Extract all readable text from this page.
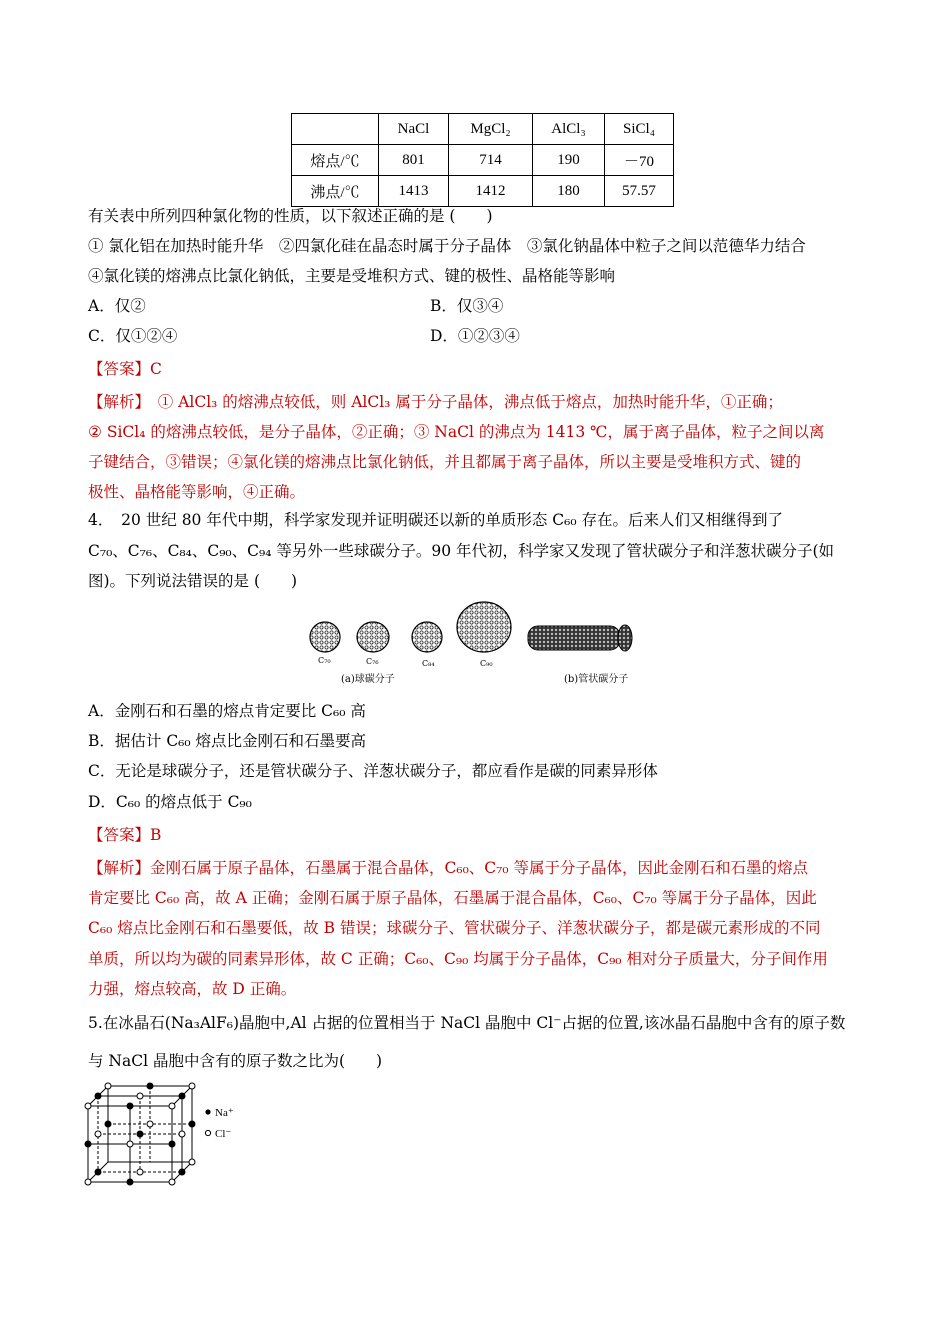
	NaCl	MgCl₂	AlCl₃	SiCl₄
熔点/℃	801	714	190	－70
沸点/℃	1413	1412	180	57.57
有关表中所列四种氯化物的性质，以下叙述正确的是 (　　)
① 氯化铝在加热时能升华　②四氯化硅在晶态时属于分子晶体　③氯化钠晶体中粒子之间以范德华力结合
④氯化镁的熔沸点比氯化钠低，主要是受堆积方式、键的极性、晶格能等影响
A．仅②	B．仅③④
C．仅①②④	D．①②③④
【答案】C
【解析】　① AlCl₃ 的熔沸点较低，则 AlCl₃ 属于分子晶体，沸点低于熔点，加热时能升华，①正确；
② SiCl₄ 的熔沸点较低，是分子晶体，②正确；③ NaCl 的沸点为 1413 ℃，属于离子晶体，粒子之间以离
子键结合，③错误；④氯化镁的熔沸点比氯化钠低，并且都属于离子晶体，所以主要是受堆积方式、键的
极性、晶格能等影响，④正确。
4．　20 世纪 80 年代中期，科学家发现并证明碳还以新的单质形态 C₆₀ 存在。后来人们又相继得到了
C₇₀、C₇₆、C₈₄、C₉₀、C₉₄ 等另外一些球碳分子。90 年代初，科学家又发现了管状碳分子和洋葱状碳分子(如
图)。下列说法错误的是 (　　)
C₇₀	C₇₆	C₈₄	C₉₀
(a)球碳分子	(b)管状碳分子
A．金刚石和石墨的熔点肯定要比 C₆₀ 高
B．据估计 C₆₀ 熔点比金刚石和石墨要高
C．无论是球碳分子，还是管状碳分子、洋葱状碳分子，都应看作是碳的同素异形体
D．C₆₀ 的熔点低于 C₉₀
【答案】B
【解析】金刚石属于原子晶体，石墨属于混合晶体，C₆₀、C₇₀ 等属于分子晶体，因此金刚石和石墨的熔点
肯定要比 C₆₀ 高，故 A 正确；金刚石属于原子晶体，石墨属于混合晶体，C₆₀、C₇₀ 等属于分子晶体，因此
C₆₀ 熔点比金刚石和石墨要低，故 B 错误；球碳分子、管状碳分子、洋葱状碳分子，都是碳元素形成的不同
单质，所以均为碳的同素异形体，故 C 正确；C₆₀、C₉₀ 均属于分子晶体，C₉₀ 相对分子质量大，分子间作用
力强，熔点较高，故 D 正确。
5.在冰晶石(Na₃AlF₆)晶胞中,Al 占据的位置相当于 NaCl 晶胞中 Cl⁻占据的位置,该冰晶石晶胞中含有的原子数
与 NaCl 晶胞中含有的原子数之比为(　　)
Na⁺
Cl⁻
